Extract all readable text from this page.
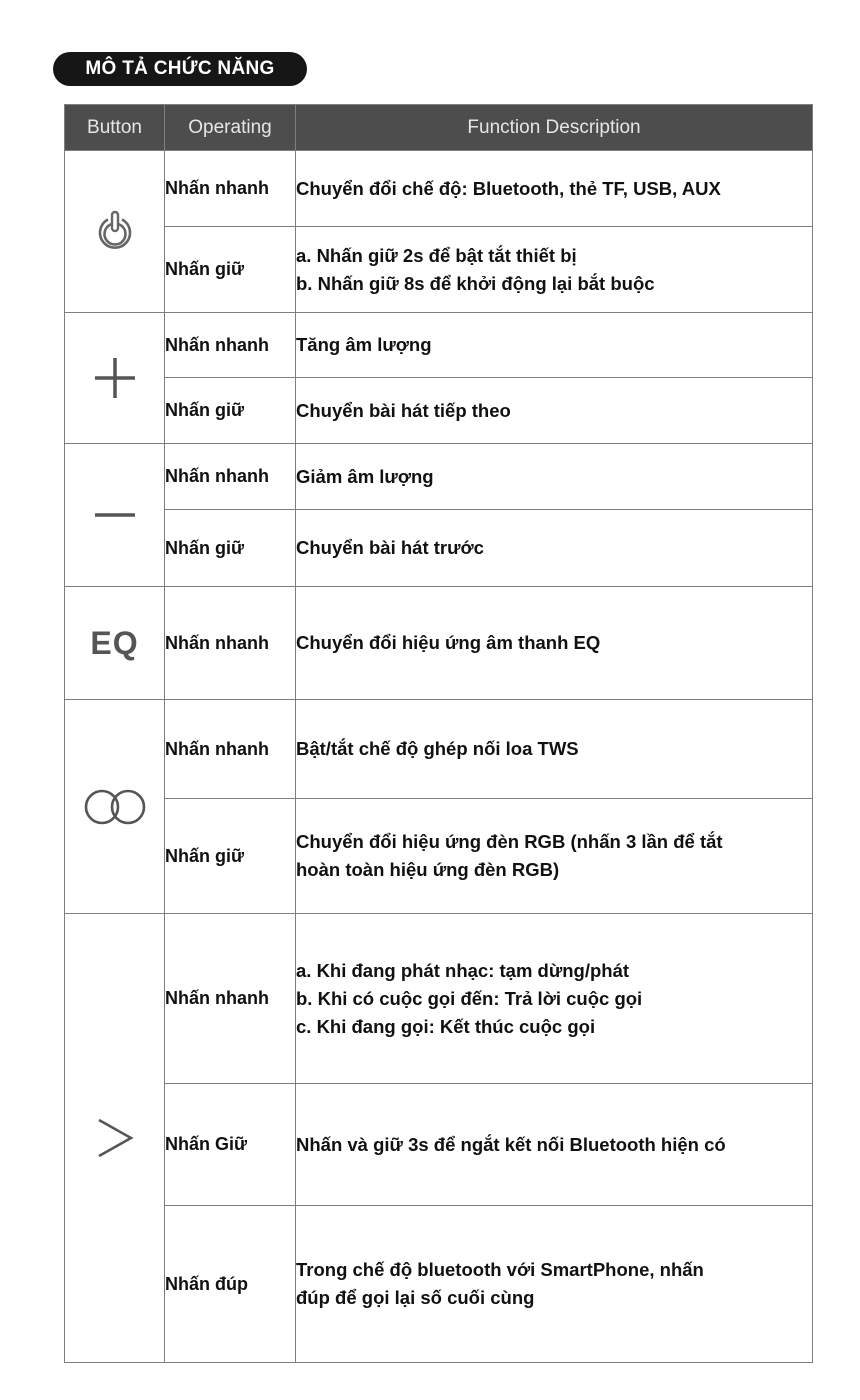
MÔ TẢ CHỨC NĂNG
Button	Operating	Function Description
	Nhấn nhanh	Chuyển đổi chế độ: Bluetooth, thẻ TF, USB, AUX

	Nhấn giữ	a. Nhấn giữ 2s để bật tắt thiết bị
b. Nhấn giữ 8s để khởi động lại bắt buộc

	Nhấn nhanh	Tăng âm lượng

	Nhấn giữ	Chuyển bài hát tiếp theo

	Nhấn nhanh	Giảm âm lượng

	Nhấn giữ	Chuyển bài hát trước

EQ	Nhấn nhanh	Chuyển đổi hiệu ứng âm thanh EQ

	Nhấn nhanh	Bật/tắt chế độ ghép nối loa TWS

	Nhấn giữ	Chuyển đổi hiệu ứng đèn RGB (nhấn 3 lần để tắt
hoàn toàn hiệu ứng đèn RGB)

	Nhấn nhanh	a. Khi đang phát nhạc: tạm dừng/phát
b. Khi có cuộc gọi đến: Trả lời cuộc gọi
c. Khi đang gọi: Kết thúc cuộc gọi

	Nhấn Giữ	Nhấn và giữ 3s để ngắt kết nối Bluetooth hiện có

	Nhấn đúp	Trong chế độ bluetooth với SmartPhone, nhấn
đúp để gọi lại số cuối cùng
